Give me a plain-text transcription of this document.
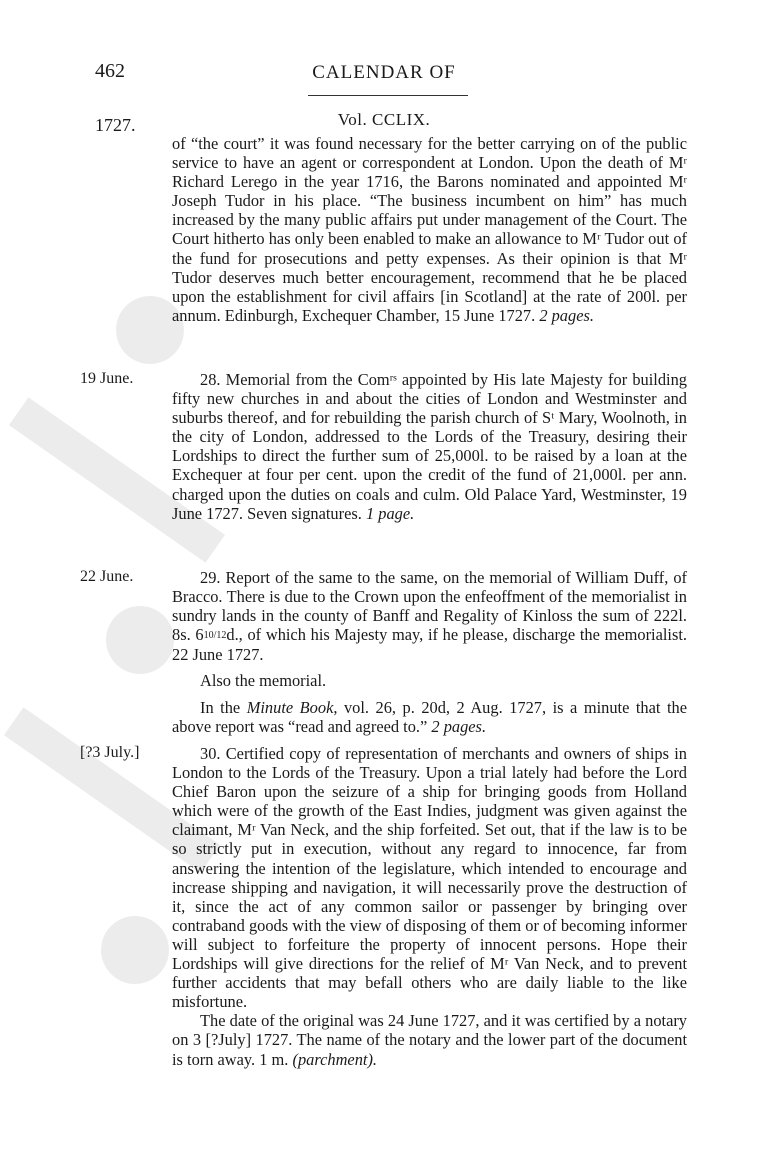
462	CALENDAR OF
Vol. CCLIX.
1727.

of “the court” it was found necessary for the better carrying on of the public service to have an agent or correspondent at London. Upon the death of Mʳ Richard Lerego in the year 1716, the Barons nominated and appointed Mʳ Joseph Tudor in his place. “The business incumbent on him” has much increased by the many public affairs put under management of the Court. The Court hitherto has only been enabled to make an allowance to Mʳ Tudor out of the fund for prosecutions and petty expenses. As their opinion is that Mʳ Tudor deserves much better encouragement, recommend that he be placed upon the establishment for civil affairs [in Scotland] at the rate of 200l. per annum. Edinburgh, Exchequer Chamber, 15 June 1727. 2 pages.

19 June.	28. Memorial from the Comʳˢ appointed by His late Majesty for building fifty new churches in and about the cities of London and Westminster and suburbs thereof, and for rebuilding the parish church of Sᵗ Mary, Woolnoth, in the city of London, addressed to the Lords of the Treasury, desiring their Lordships to direct the further sum of 25,000l. to be raised by a loan at the Exchequer at four per cent. upon the credit of the fund of 21,000l. per ann. charged upon the duties on coals and culm. Old Palace Yard, Westminster, 19 June 1727. Seven signatures. 1 page.

22 June.	29. Report of the same to the same, on the memorial of William Duff, of Bracco. There is due to the Crown upon the enfeoffment of the memorialist in sundry lands in the county of Banff and Regality of Kinloss the sum of 222l. 8s. 610/12d., of which his Majesty may, if he please, discharge the memorialist. 22 June 1727.

Also the memorial.

In the Minute Book, vol. 26, p. 20d, 2 Aug. 1727, is a minute that the above report was “read and agreed to.” 2 pages.

[?3 July.]	30. Certified copy of representation of merchants and owners of ships in London to the Lords of the Treasury. Upon a trial lately had before the Lord Chief Baron upon the seizure of a ship for bringing goods from Holland which were of the growth of the East Indies, judgment was given against the claimant, Mʳ Van Neck, and the ship forfeited. Set out, that if the law is to be so strictly put in execution, without any regard to innocence, far from answering the intention of the legislature, which intended to encourage and increase shipping and navigation, it will necessarily prove the destruction of it, since the act of any common sailor or passenger by bringing over contraband goods with the view of disposing of them or of becoming informer will subject to forfeiture the property of innocent persons. Hope their Lordships will give directions for the relief of Mʳ Van Neck, and to prevent further accidents that may befall others who are daily liable to the like misfortune.

The date of the original was 24 June 1727, and it was certified by a notary on 3 [?July] 1727. The name of the notary and the lower part of the document is torn away. 1 m. (parchment).
